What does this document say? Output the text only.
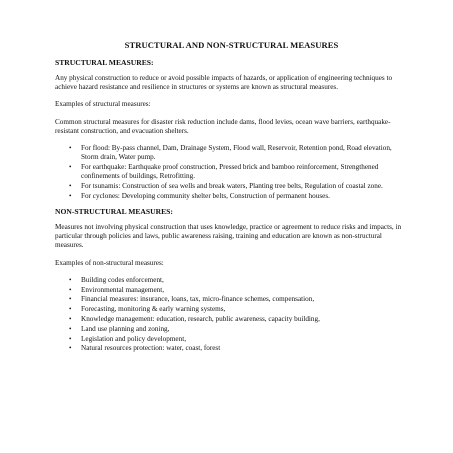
STRUCTURAL AND NON-STRUCTURAL MEASURES
STRUCTURAL MEASURES:

Any physical construction to reduce or avoid possible impacts of hazards, or application of engineering techniques to achieve hazard resistance and resilience in structures or systems are known as structural measures.

Examples of structural measures:

Common structural measures for disaster risk reduction include dams, flood levies, ocean wave barriers, earthquake-resistant construction, and evacuation shelters.

• For flood: By-pass channel, Dam, Drainage System, Flood wall, Reservoir, Retention pond, Road elevation, Storm drain, Water pump.
• For earthquake: Earthquake proof construction, Pressed brick and bamboo reinforcement, Strengthened confinements of buildings, Retrofitting.
• For tsunamis: Construction of sea wells and break waters, Planting tree belts, Regulation of coastal zone.
• For cyclones: Developing community shelter belts, Construction of permanent houses.
NON-STRUCTURAL MEASURES:

Measures not involving physical construction that uses knowledge, practice or agreement to reduce risks and impacts, in particular through policies and laws, public awareness raising, training and education are known as non-structural measures.

Examples of non-structural measures:

• Building codes enforcement,
• Environmental management,
• Financial measures: insurance, loans, tax, micro-finance schemes, compensation,
• Forecasting, monitoring & early warning systems,
• Knowledge management: education, research, public awareness, capacity building,
• Land use planning and zoning,
• Legislation and policy development,
• Natural resources protection: water, coast, forest
